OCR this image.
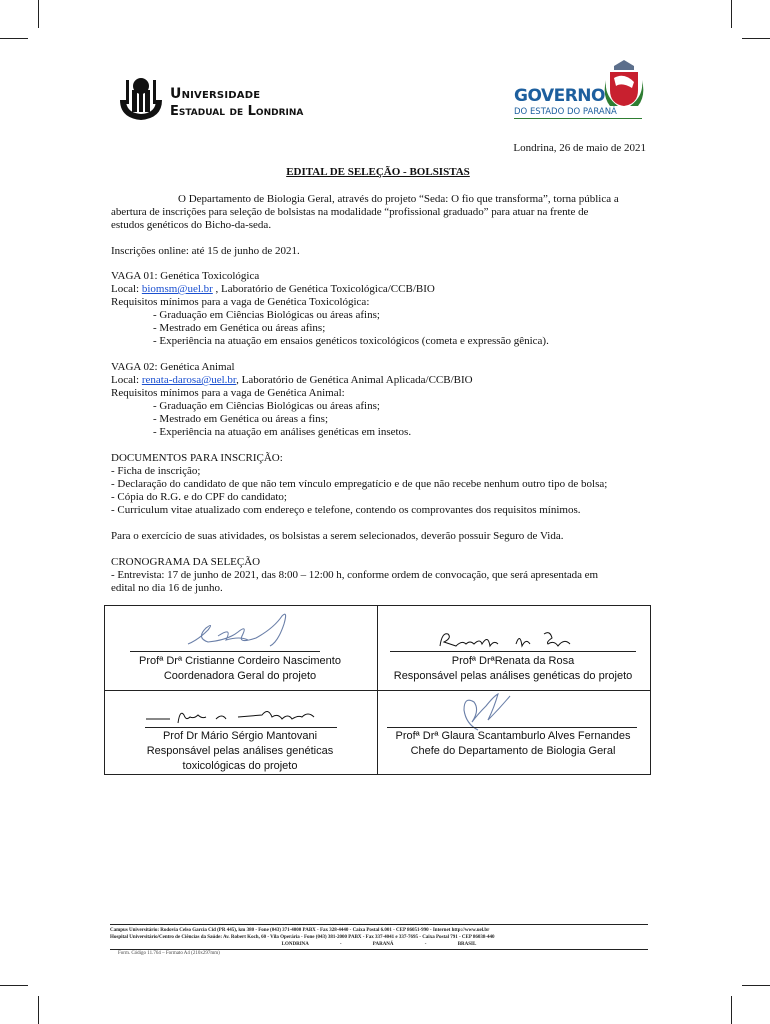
Universidade
Estadual de Londrina
GOVERNO
DO ESTADO DO PARANÁ
Londrina, 26 de maio de 2021
EDITAL DE SELEÇÃO - BOLSISTAS
O Departamento de Biologia Geral, através do projeto “Seda: O fio que transforma”, torna pública a
abertura de inscrições para seleção de bolsistas na modalidade “profissional graduado” para atuar na frente de
estudos genéticos do Bicho-da-seda.
Inscrições online: até 15 de junho de 2021.
VAGA 01: Genética Toxicológica
Local: biomsm@uel.br , Laboratório de Genética Toxicológica/CCB/BIO
Requisitos mínimos para a vaga de Genética Toxicológica:
- Graduação em Ciências Biológicas ou áreas afins;
- Mestrado em Genética ou áreas afins;
- Experiência na atuação em ensaios genéticos toxicológicos (cometa e expressão gênica).
VAGA 02: Genética Animal
Local: renata-darosa@uel.br, Laboratório de Genética Animal Aplicada/CCB/BIO
Requisitos mínimos para a vaga de Genética Animal:
- Graduação em Ciências Biológicas ou áreas afins;
- Mestrado em Genética ou áreas a fins;
- Experiência na atuação em análises genéticas em insetos.
DOCUMENTOS PARA INSCRIÇÃO:
- Ficha de inscrição;
- Declaração do candidato de que não tem vínculo empregatício e de que não recebe nenhum outro tipo de bolsa;
- Cópia do R.G. e do CPF do candidato;
- Curriculum vitae atualizado com endereço e telefone, contendo os comprovantes dos requisitos mínimos.
Para o exercício de suas atividades, os bolsistas a serem selecionados, deverão possuir Seguro de Vida.
CRONOGRAMA DA SELEÇÃO
- Entrevista: 17 de junho de 2021, das 8:00 – 12:00 h, conforme ordem de convocação, que será apresentada em
edital no dia 16 de junho.
Profª Drª Cristianne Cordeiro Nascimento
Coordenadora Geral do projeto
Profª DrªRenata da Rosa
Responsável pelas análises genéticas do projeto
Prof Dr Mário Sérgio Mantovani
Responsável pelas análises genéticas
toxicológicas do projeto
Profª Drª Glaura Scantamburlo Alves Fernandes
Chefe do Departamento de Biologia Geral
Campus Universitário: Rodovia Celso Garcia Cid (PR 445), km 380 - Fone (043) 371-4000 PABX - Fax 328-4440 - Caixa Postal 6.001 - CEP 86051-990 - Internet http://www.uel.br
Hospital Universitário/Centro de Ciências da Saúde: Av. Robert Koch, 60 - Vila Operária - Fone (043) 381-2000 PABX - Fax 337-4041 e 337-7695 - Caixa Postal 791 - CEP 86038-440
LONDRINA - PARANÁ - BRASIL
Form. Código 11.764 – Formato A4 (210x297mm)
